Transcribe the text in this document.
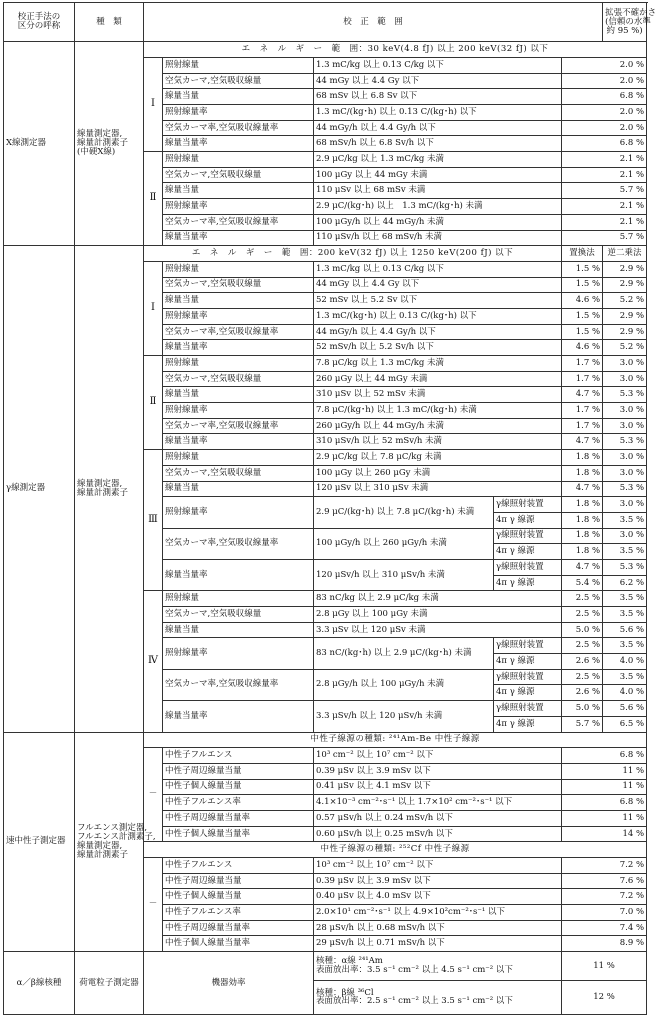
校正手法の
区分の呼称	種　類	校　正　範　囲					拡張不確かさ
(信頼の水準
約 95 %)
X線測定器	線量測定器,
線量計測素子
(中硬X線)	エ　ネ　ル　ギ　ー　範　囲：30 keV(4.8 fJ) 以上 200 keV(32 fJ) 以下					
		Ⅰ	照射線量	1.3 mC/kg 以上 0.13 C/kg 以下		2.0 %	
			空気カーマ,空気吸収線量	44 mGy 以上 4.4 Gy 以下		2.0 %	
			線量当量	68 mSv 以上 6.8 Sv 以下		6.8 %	
			照射線量率	1.3 mC/(kg･h) 以上 0.13 C/(kg･h) 以下		2.0 %	
			空気カーマ率,空気吸収線量率	44 mGy/h 以上 4.4 Gy/h 以下		2.0 %	
			線量当量率	68 mSv/h 以上 6.8 Sv/h 以下		6.8 %	
		Ⅱ	照射線量	2.9 μC/kg 以上 1.3 mC/kg 未満		2.1 %	
			空気カーマ,空気吸収線量	100 μGy 以上 44 mGy 未満		2.1 %	
			線量当量	110 μSv 以上 68 mSv 未満		5.7 %	
			照射線量率	2.9 μC/(kg･h) 以上　1.3 mC/(kg･h) 未満		2.1 %	
			空気カーマ率,空気吸収線量率	100 μGy/h 以上 44 mGy/h 未満		2.1 %	
			線量当量率	110 μSv/h 以上 68 mSv/h 未満		5.7 %	
γ線測定器	線量測定器,
線量計測素子	エ　ネ　ル　ギ　ー　範　囲：200 keV(32 fJ) 以上 1250 keV(200 fJ) 以下				置換法	逆二乗法
		Ⅰ	照射線量	1.3 mC/kg 以上 0.13 C/kg 以下		1.5 %	2.9 %
			空気カーマ,空気吸収線量	44 mGy 以上 4.4 Gy 以下		1.5 %	2.9 %
			線量当量	52 mSv 以上 5.2 Sv 以下		4.6 %	5.2 %
			照射線量率	1.3 mC/(kg･h) 以上 0.13 C/(kg･h) 以下		1.5 %	2.9 %
			空気カーマ率,空気吸収線量率	44 mGy/h 以上 4.4 Gy/h 以下		1.5 %	2.9 %
			線量当量率	52 mSv/h 以上 5.2 Sv/h 以下		4.6 %	5.2 %
		Ⅱ	照射線量	7.8 μC/kg 以上 1.3 mC/kg 未満		1.7 %	3.0 %
			空気カーマ,空気吸収線量	260 μGy 以上 44 mGy 未満		1.7 %	3.0 %
			線量当量	310 μSv 以上 52 mSv 未満		4.7 %	5.3 %
			照射線量率	7.8 μC/(kg･h) 以上 1.3 mC/(kg･h) 未満		1.7 %	3.0 %
			空気カーマ率,空気吸収線量率	260 μGy/h 以上 44 mGy/h 未満		1.7 %	3.0 %
			線量当量率	310 μSv/h 以上 52 mSv/h 未満		4.7 %	5.3 %
		Ⅲ	照射線量	2.9 μC/kg 以上 7.8 μC/kg 未満		1.8 %	3.0 %
			空気カーマ,空気吸収線量	100 μGy 以上 260 μGy 未満		1.8 %	3.0 %
			線量当量	120 μSv 以上 310 μSv 未満		4.7 %	5.3 %
			照射線量率	2.9 μC/(kg･h) 以上 7.8 μC/(kg･h) 未満	γ線照射装置	1.8 %	3.0 %
					4π γ 線源	1.8 %	3.5 %
			空気カーマ率,空気吸収線量率	100 μGy/h 以上 260 μGy/h 未満	γ線照射装置	1.8 %	3.0 %
					4π γ 線源	1.8 %	3.5 %
			線量当量率	120 μSv/h 以上 310 μSv/h 未満	γ線照射装置	4.7 %	5.3 %
					4π γ 線源	5.4 %	6.2 %
		Ⅳ	照射線量	83 nC/kg 以上 2.9 μC/kg 未満		2.5 %	3.5 %
			空気カーマ,空気吸収線量	2.8 μGy 以上 100 μGy 未満		2.5 %	3.5 %
			線量当量	3.3 μSv 以上 120 μSv 未満		5.0 %	5.6 %
			照射線量率	83 nC/(kg･h) 以上 2.9 μC/(kg･h) 未満	γ線照射装置	2.5 %	3.5 %
					4π γ 線源	2.6 %	4.0 %
			空気カーマ率,空気吸収線量率	2.8 μGy/h 以上 100 μGy/h 未満	γ線照射装置	2.5 %	3.5 %
					4π γ 線源	2.6 %	4.0 %
			線量当量率	3.3 μSv/h 以上 120 μSv/h 未満	γ線照射装置	5.0 %	5.6 %
					4π γ 線源	5.7 %	6.5 %
速中性子測定器	フルエンス測定器,
フルエンス計測素子,
線量測定器,
線量計測素子	中性子線源の種類: ²⁴¹Am-Be 中性子線源					
		－	中性子フルエンス	10³ cm⁻² 以上 10⁷ cm⁻² 以下		6.8 %	
			中性子周辺線量当量	0.39 μSv 以上 3.9 mSv 以下		11 %	
			中性子個人線量当量	0.41 μSv 以上 4.1 mSv 以下		11 %	
			中性子フルエンス率	4.1×10⁻³ cm⁻²･s⁻¹ 以上 1.7×10² cm⁻²･s⁻¹ 以下		6.8 %	
			中性子周辺線量当量率	0.57 μSv/h 以上 0.24 mSv/h 以下		11 %	
			中性子個人線量当量率	0.60 μSv/h 以上 0.25 mSv/h 以下		14 %	
		中性子線源の種類: ²⁵²Cf 中性子線源					
		－	中性子フルエンス	10³ cm⁻² 以上 10⁷ cm⁻² 以下		7.2 %	
			中性子周辺線量当量	0.39 μSv 以上 3.9 mSv 以下		7.6 %	
			中性子個人線量当量	0.40 μSv 以上 4.0 mSv 以下		7.2 %	
			中性子フルエンス率	2.0×10¹ cm⁻²･s⁻¹ 以上 4.9×10²cm⁻²･s⁻¹ 以下		7.0 %	
			中性子周辺線量当量率	28 μSv/h 以上 0.68 mSv/h 以下		7.4 %	
			中性子個人線量当量率	29 μSv/h 以上 0.71 mSv/h 以下		8.9 %	
α／β線核種	荷電粒子測定器	機器効率		核種：α線 ²⁴¹Am
表面放出率：3.5 s⁻¹ cm⁻² 以上 4.5 s⁻¹ cm⁻² 以下		11 %	

				核種：β線 ³⁶Cl
表面放出率：2.5 s⁻¹ cm⁻² 以上 3.5 s⁻¹ cm⁻² 以下		12 %	
